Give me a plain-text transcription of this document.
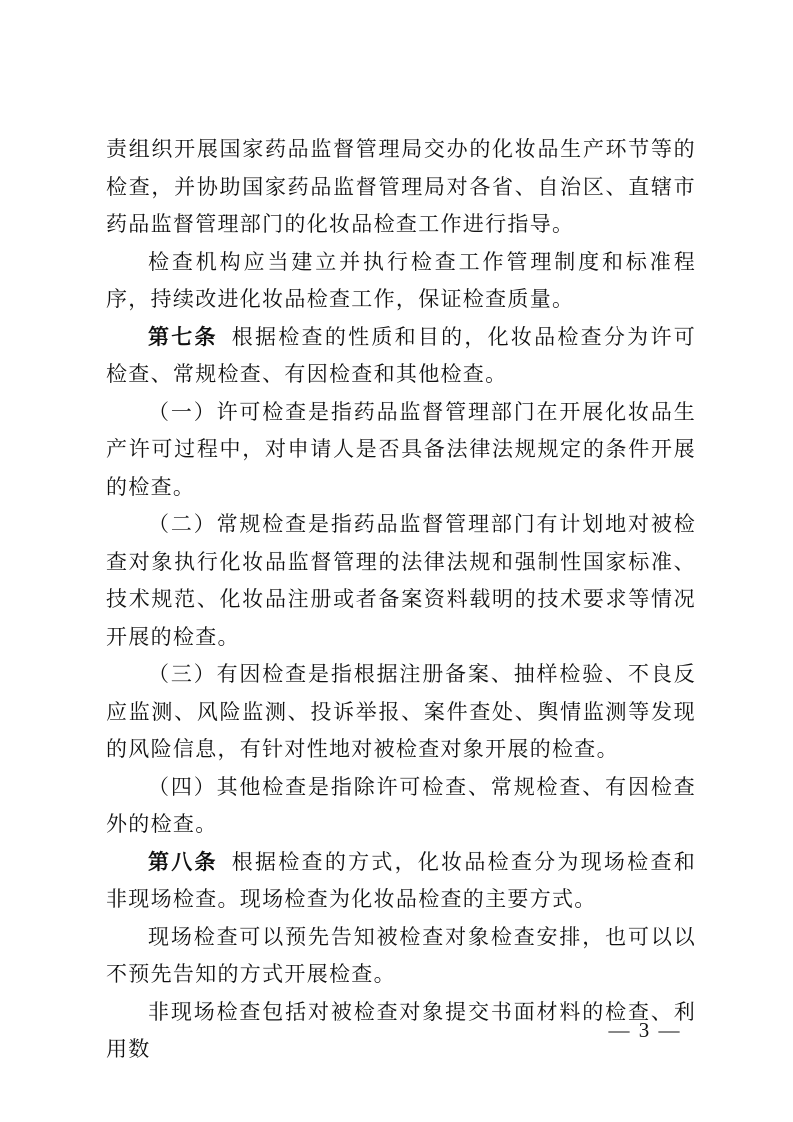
责组织开展国家药品监督管理局交办的化妆品生产环节等的检查，并协助国家药品监督管理局对各省、自治区、直辖市药品监督管理部门的化妆品检查工作进行指导。

检查机构应当建立并执行检查工作管理制度和标准程序，持续改进化妆品检查工作，保证检查质量。

第七条 根据检查的性质和目的，化妆品检查分为许可检查、常规检查、有因检查和其他检查。

（一）许可检查是指药品监督管理部门在开展化妆品生产许可过程中，对申请人是否具备法律法规规定的条件开展的检查。

（二）常规检查是指药品监督管理部门有计划地对被检查对象执行化妆品监督管理的法律法规和强制性国家标准、技术规范、化妆品注册或者备案资料载明的技术要求等情况开展的检查。

（三）有因检查是指根据注册备案、抽样检验、不良反应监测、风险监测、投诉举报、案件查处、舆情监测等发现的风险信息，有针对性地对被检查对象开展的检查。

（四）其他检查是指除许可检查、常规检查、有因检查外的检查。

第八条 根据检查的方式，化妆品检查分为现场检查和非现场检查。现场检查为化妆品检查的主要方式。

现场检查可以预先告知被检查对象检查安排，也可以以不预先告知的方式开展检查。

非现场检查包括对被检查对象提交书面材料的检查、利用数

— 3 —
